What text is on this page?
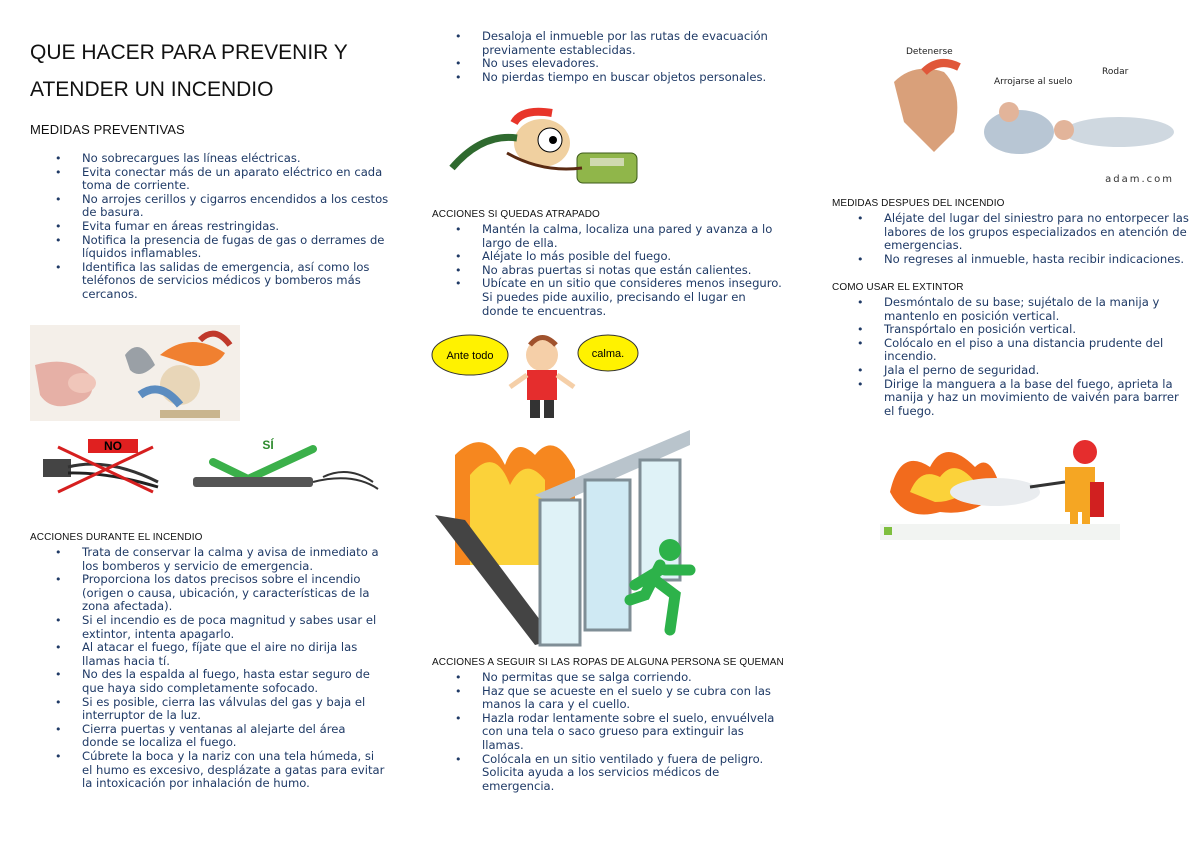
QUE HACER PARA PREVENIR Y ATENDER UN INCENDIO
MEDIDAS PREVENTIVAS
• No sobrecargues las líneas eléctricas.
• Evita conectar más de un aparato eléctrico en cada toma de corriente.
• No arrojes cerillos y cigarros encendidos a los cestos de basura.
• Evita fumar en áreas restringidas.
• Notifica la presencia de fugas de gas o derrames de líquidos inflamables.
• Identifica las salidas de emergencia, así como los teléfonos de servicios médicos y bomberos más cercanos.
NO	SÍ
ACCIONES DURANTE EL INCENDIO
• Trata de conservar la calma y avisa de inmediato a los bomberos y servicio de emergencia.
• Proporciona los datos precisos sobre el incendio (origen o causa, ubicación, y características de la zona afectada).
• Si el incendio es de poca magnitud y sabes usar el extintor, intenta apagarlo.
• Al atacar el fuego, fíjate que el aire no dirija las llamas hacia tí.
• No des la espalda al fuego, hasta estar seguro de que haya sido completamente sofocado.
• Si es posible, cierra las válvulas del gas y baja el interruptor de la luz.
• Cierra puertas y ventanas al alejarte del área donde se localiza el fuego.
• Cúbrete la boca y la nariz con una tela húmeda, si el humo es excesivo, desplázate a gatas para evitar la intoxicación por inhalación de humo.
• Desaloja el inmueble por las rutas de evacuación previamente establecidas.
• No uses elevadores.
• No pierdas tiempo en buscar objetos personales.
ACCIONES SI QUEDAS ATRAPADO
• Mantén la calma, localiza una pared y avanza a lo largo de ella.
• Aléjate lo más posible del fuego.
• No abras puertas si notas que están calientes.
• Ubícate en un sitio que consideres menos inseguro. Si puedes pide auxilio, precisando el lugar en donde te encuentras.
Ante todo	calma.
ACCIONES A SEGUIR SI LAS ROPAS DE ALGUNA PERSONA SE QUEMAN
• No permitas que se salga corriendo.
• Haz que se acueste en el suelo y se cubra con las manos la cara y el cuello.
• Hazla rodar lentamente sobre el suelo, envuélvela con una tela o saco grueso para extinguir las llamas.
• Colócala en un sitio ventilado y fuera de peligro. Solicita ayuda a los servicios médicos de emergencia.
Detenerse
Arrojarse al suelo
Rodar
adam.com
MEDIDAS DESPUES DEL INCENDIO
• Aléjate del lugar del siniestro para no entorpecer las labores de los grupos especializados en atención de emergencias.
• No regreses al inmueble, hasta recibir indicaciones.
COMO USAR EL EXTINTOR
• Desmóntalo de su base; sujétalo de la manija y mantenlo en posición vertical.
• Transpórtalo en posición vertical.
• Colócalo en el piso a una distancia prudente del incendio.
• Jala el perno de seguridad.
• Dirige la manguera a la base del fuego, aprieta la manija y haz un movimiento de vaivén para barrer el fuego.
